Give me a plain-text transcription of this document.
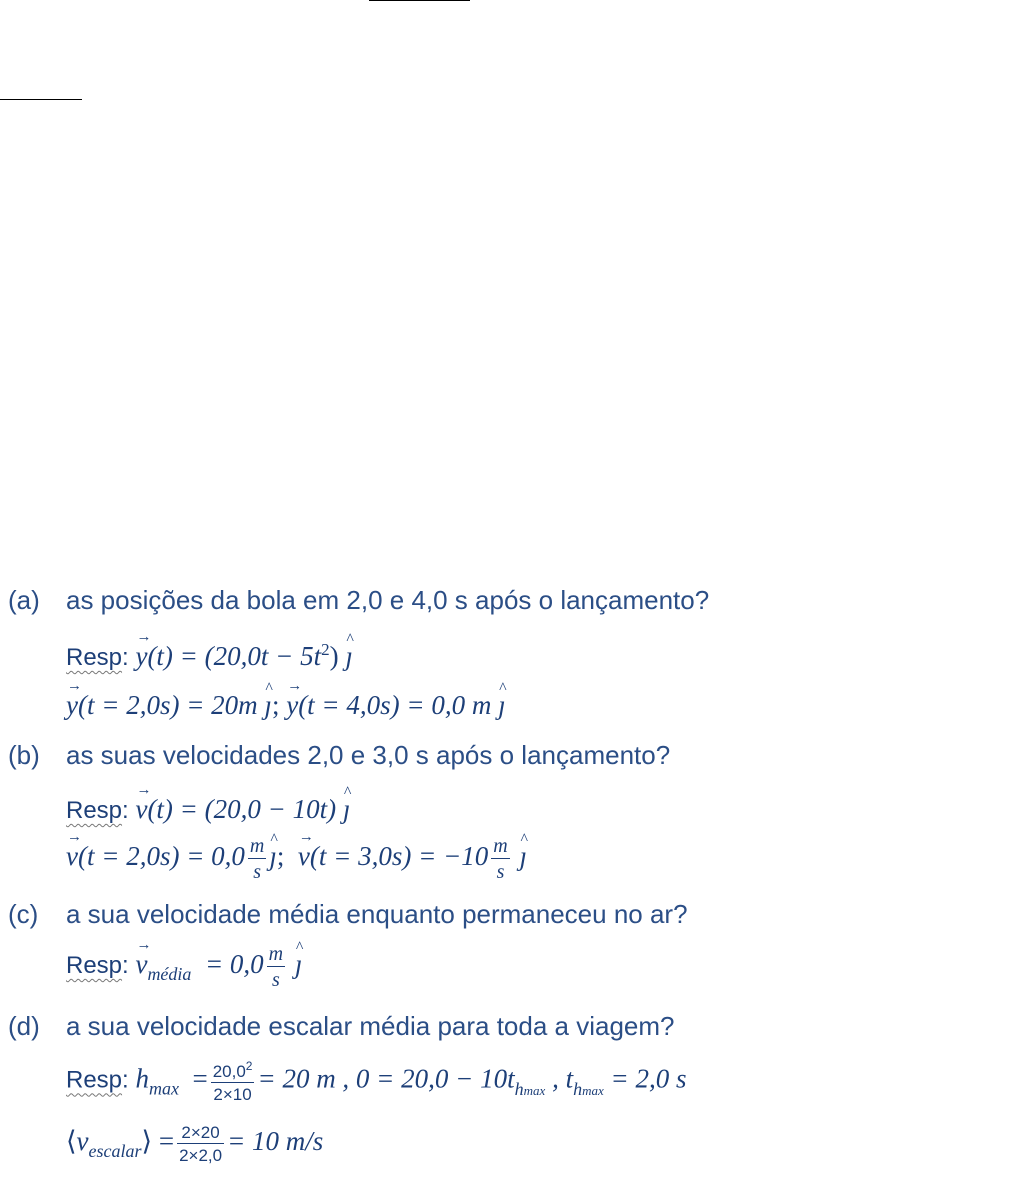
(a) as posições da bola em 2,0 e 4,0 s após o lançamento?
Resp: → $y(t) = (20,0t - 5t^2)$ ^ ȷ
→ y(t = 2,0s) = 20m ^ ȷ; → y(t = 4,0s) = 0,0 m ^ ȷ
(b) as suas velocidades 2,0 e 3,0 s após o lançamento?
Resp: → v(t) = (20,0 − 10t) ^ ȷ
→ $v(t = 2,0s) = 0,0 \frac{m}{s}$ ^ ȷ;  → $v(t = 3,0s) = -10 \frac{m}{s}$ ^ ȷ
(c) a sua velocidade média enquanto permaneceu no ar?
Resp: → $v_{média} = 0,0 \frac{m}{s}$ ^ ȷ
(d) a sua velocidade escalar média para toda a viagem?
Resp: $h_{max} = \frac{20,0^2}{2\times 10} = 20$ m , $0 = 20,0 - 10t_{hmax}$ , $t_{hmax} = 2,0$ s
$⟨v_{escalar}⟩ = \frac{2\times 20}{2\times 2,0} = 10$ m/s
